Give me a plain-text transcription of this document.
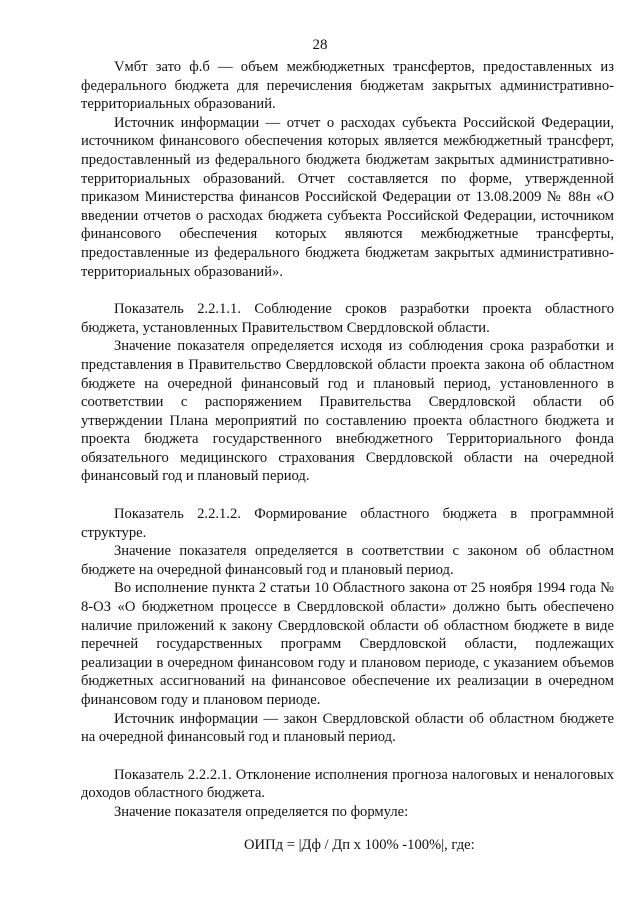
28

Vмбт зато ф.б — объем межбюджетных трансфертов, предоставленных из федерального бюджета для перечисления бюджетам закрытых административно-территориальных образований.

Источник информации — отчет о расходах субъекта Российской Федерации, источником финансового обеспечения которых является межбюджетный трансферт, предоставленный из федерального бюджета бюджетам закрытых административно-территориальных образований. Отчет составляется по форме, утвержденной приказом Министерства финансов Российской Федерации от 13.08.2009 № 88н «О введении отчетов о расходах бюджета субъекта Российской Федерации, источником финансового обеспечения которых являются межбюджетные трансферты, предоставленные из федерального бюджета бюджетам закрытых административно-территориальных образований».

Показатель 2.2.1.1. Соблюдение сроков разработки проекта областного бюджета, установленных Правительством Свердловской области.

Значение показателя определяется исходя из соблюдения срока разработки и представления в Правительство Свердловской области проекта закона об областном бюджете на очередной финансовый год и плановый период, установленного в соответствии с распоряжением Правительства Свердловской области об утверждении Плана мероприятий по составлению проекта областного бюджета и проекта бюджета государственного внебюджетного Территориального фонда обязательного медицинского страхования Свердловской области на очередной финансовый год и плановый период.

Показатель 2.2.1.2. Формирование областного бюджета в программной структуре.

Значение показателя определяется в соответствии с законом об областном бюджете на очередной финансовый год и плановый период.

Во исполнение пункта 2 статьи 10 Областного закона от 25 ноября 1994 года № 8-ОЗ «О бюджетном процессе в Свердловской области» должно быть обеспечено наличие приложений к закону Свердловской области об областном бюджете в виде перечней государственных программ Свердловской области, подлежащих реализации в очередном финансовом году и плановом периоде, с указанием объемов бюджетных ассигнований на финансовое обеспечение их реализации в очередном финансовом году и плановом периоде.

Источник информации — закон Свердловской области об областном бюджете на очередной финансовый год и плановый период.

Показатель 2.2.2.1. Отклонение исполнения прогноза налоговых и неналоговых доходов областного бюджета.

Значение показателя определяется по формуле:

ОИПд = |Дф / Дп х 100% -100%|, где:
